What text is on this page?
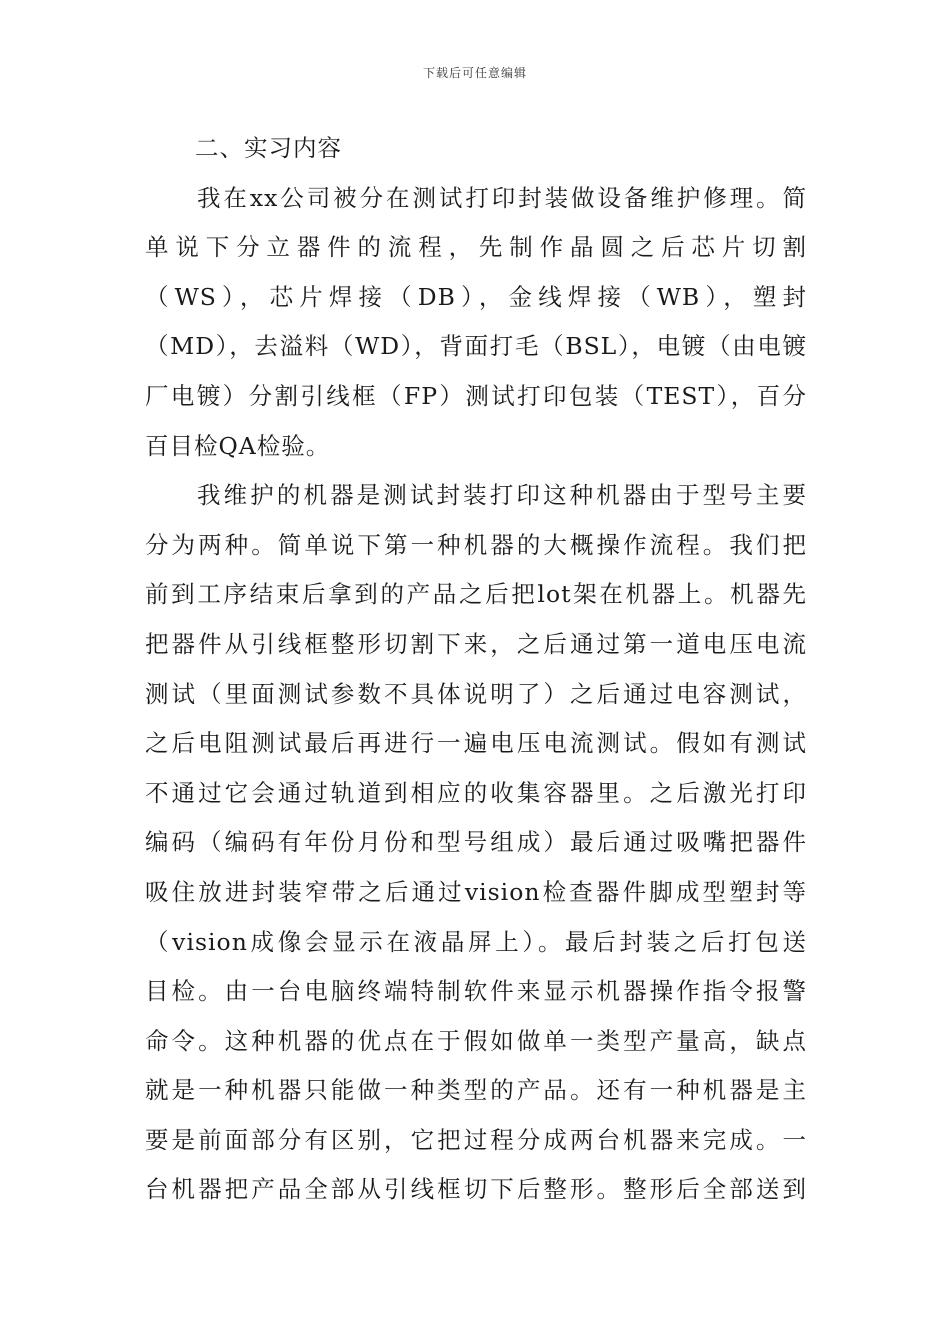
下载后可任意编辑
二、实习内容

我在xx公司被分在测试打印封装做设备维护修理。简
单说下分立器件的流程，先制作晶圆之后芯片切割
（WS），芯片焊接（DB），金线焊接（WB），塑封
（MD），去溢料（WD），背面打毛（BSL），电镀（由电镀
厂电镀）分割引线框（FP）测试打印包装（TEST），百分
百目检QA检验。

我维护的机器是测试封装打印这种机器由于型号主要
分为两种。简单说下第一种机器的大概操作流程。我们把
前到工序结束后拿到的产品之后把lot架在机器上。机器先
把器件从引线框整形切割下来，之后通过第一道电压电流
测试（里面测试参数不具体说明了）之后通过电容测试，
之后电阻测试最后再进行一遍电压电流测试。假如有测试
不通过它会通过轨道到相应的收集容器里。之后激光打印
编码（编码有年份月份和型号组成）最后通过吸嘴把器件
吸住放进封装窄带之后通过vision检查器件脚成型塑封等
（vision成像会显示在液晶屏上）。最后封装之后打包送
目检。由一台电脑终端特制软件来显示机器操作指令报警
命令。这种机器的优点在于假如做单一类型产量高，缺点
就是一种机器只能做一种类型的产品。还有一种机器是主
要是前面部分有区别，它把过程分成两台机器来完成。一
台机器把产品全部从引线框切下后整形。整形后全部送到
